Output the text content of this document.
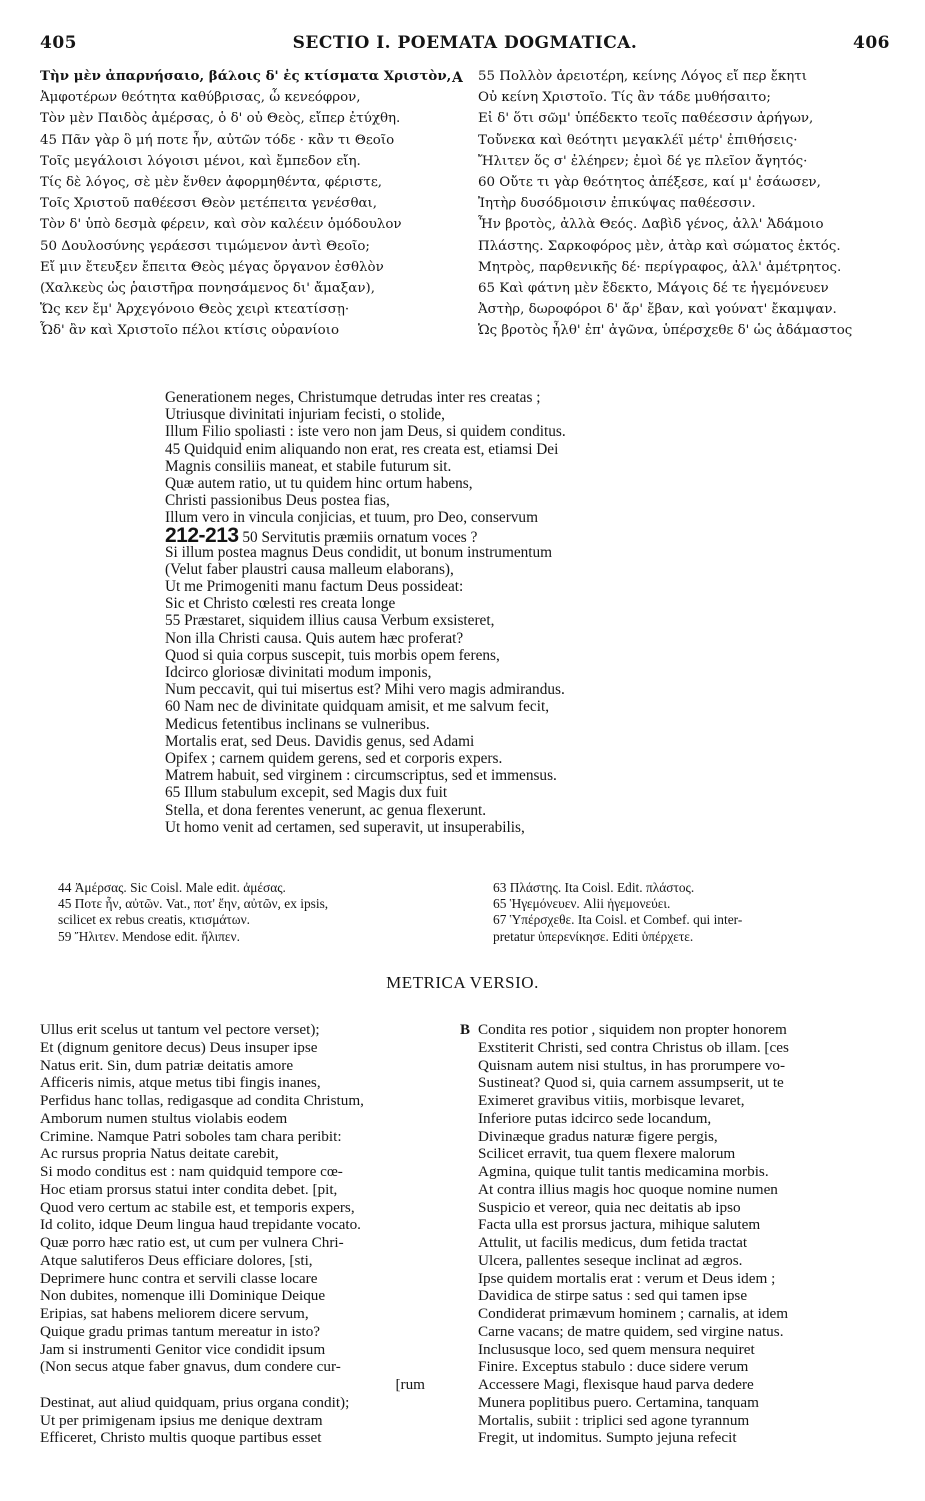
405	SECTIO I. POEMATA DOGMATICA.	406
Τὴν μὲν ἀπαρνήσαιο, βάλοις δ' ἐς κτίσματα Χριστὸν,
Ἀμφοτέρων θεότητα καθύβρισας, ὦ κενεόφρον,
Τὸν μὲν Παιδὸς ἀμέρσας, ὁ δ' οὐ Θεὸς, εἴπερ ἐτύχθη.
45 Πᾶν γὰρ ὃ μή ποτε ἦν, αὐτῶν τόδε · κἂν τι Θεοῖο
Τοῖς μεγάλοισι λόγοισι μένοι, καὶ ἔμπεδον εἴη.
Τίς δὲ λόγος, σὲ μὲν ἔνθεν ἀφορμηθέντα, φέριστε,
Τοῖς Χριστοῦ παθέεσσι Θεὸν μετέπειτα γενέσθαι,
Τὸν δ' ὑπὸ δεσμὰ φέρειν, καὶ σὸν καλέειν ὁμόδουλον
50 Δουλοσύνης γεράεσσι τιμώμενον ἀντὶ Θεοῖο;
Εἴ μιν ἔτευξεν ἔπειτα Θεὸς μέγας ὄργανον ἐσθλὸν
(Χαλκεὺς ὡς ῥαιστῆρα πονησάμενος δι' ἄμαξαν),
Ὥς κεν ἔμ' Ἀρχεγόνοιο Θεὸς χειρὶ κτεατίσσῃ·
Ὧδ' ἂν καὶ Χριστοῖο πέλοι κτίσις οὐρανίοιο
A 55 Πολλὸν ἀρειοτέρη, κείνης Λόγος εἴ περ ἔκητι
Οὐ κείνη Χριστοῖο. Τίς ἂν τάδε μυθήσαιτο;
Εἰ δ' ὅτι σῶμ' ὑπέδεκτο τεοῖς παθέεσσιν ἀρήγων,
Τοὔνεκα καὶ θεότητι μεγακλέϊ μέτρ' ἐπιθήσεις·
Ἤλιτεν ὅς σ' ἐλέηρεν; ἐμοὶ δέ γε πλεῖον ἄγητός·
60 Οὔτε τι γὰρ θεότητος ἀπέξεσε, καί μ' ἐσάωσεν,
Ἰητὴρ δυσόδμοισιν ἐπικύψας παθέεσσιν.
Ἦν βροτὸς, ἀλλὰ Θεός. Δαβὶδ γένος, ἀλλ' Ἀδάμοιο
Πλάστης. Σαρκοφόρος μὲν, ἀτὰρ καὶ σώματος ἐκτός.
Μητρὸς, παρθενικῆς δέ· περίγραφος, ἀλλ' ἀμέτρητος.
65 Καὶ φάτνη μὲν ἔδεκτο, Μάγοις δέ τε ἡγεμόνευεν
Ἀστὴρ, δωροφόροι δ' ἄρ' ἔβαν, καὶ γούνατ' ἔκαμψαν.
Ὡς βροτὸς ἦλθ' ἐπ' ἀγῶνα, ὑπέρσχεθε δ' ὡς ἀδάμαστος
Generationem neges, Christumque detrudas inter res creatas ;
Utriusque divinitati injuriam fecisti, o stolide,
Illum Filio spoliasti : iste vero non jam Deus, si quidem conditus.
45 Quidquid enim aliquando non erat, res creata est, etiamsi Dei
Magnis consiliis maneat, et stabile futurum sit.
Quæ autem ratio, ut tu quidem hinc ortum habens,
Christi passionibus Deus postea fias,
Illum vero in vincula conjicias, et tuum, pro Deo, conservum
212-213 50 Servitutis præmiis ornatum voces ?
Si illum postea magnus Deus condidit, ut bonum instrumentum
(Velut faber plaustri causa malleum elaborans),
Ut me Primogeniti manu factum Deus possideat:
Sic et Christo cœlesti res creata longe
55 Præstaret, siquidem illius causa Verbum exsisteret,
Non illa Christi causa. Quis autem hæc proferat?
Quod si quia corpus suscepit, tuis morbis opem ferens,
Idcirco gloriosæ divinitati modum imponis,
Num peccavit, qui tui misertus est? Mihi vero magis admirandus.
60 Nam nec de divinitate quidquam amisit, et me salvum fecit,
Medicus fetentibus inclinans se vulneribus.
Mortalis erat, sed Deus. Davidis genus, sed Adami
Opifex ; carnem quidem gerens, sed et corporis expers.
Matrem habuit, sed virginem : circumscriptus, sed et immensus.
65 Illum stabulum excepit, sed Magis dux fuit
Stella, et dona ferentes venerunt, ac genua flexerunt.
Ut homo venit ad certamen, sed superavit, ut insuperabilis,
44 Ἀμέρσας. Sic Coisl. Male edit. ἀμέσας.
45 Ποτε ἦν, αὐτῶν. Vat., ποτ' ἔην, αὐτῶν, ex ipsis,
scilicet ex rebus creatis, κτισμάτων.
59 Ἤλιτεν. Mendose edit. ἥλιπεν.
63 Πλάστης. Ita Coisl. Edit. πλάστος.
65 Ἡγεμόνευεν. Alii ἡγεμονεύει.
67 Ὑπέρσχεθε. Ita Coisl. et Combef. qui inter-
pretatur ὑπερενίκησε. Editi ὑπέρχετε.
METRICA VERSIO.
Ullus erit scelus ut tantum vel pectore verset);
Et (dignum genitore decus) Deus insuper ipse
Natus erit. Sin, dum patriæ deitatis amore
Afficeris nimis, atque metus tibi fingis inanes,
Perfidus hanc tollas, redigasque ad condita Christum,
Amborum numen stultus violabis eodem
Crimine. Namque Patri soboles tam chara peribit:
Ac rursus propria Natus deitate carebit,
Si modo conditus est : nam quidquid tempore cœ-
Hoc etiam prorsus statui inter condita debet. [pit,
Quod vero certum ac stabile est, et temporis expers,
Id colito, idque Deum lingua haud trepidante vocato.
Quæ porro hæc ratio est, ut cum per vulnera Chri-
Atque salutiferos Deus efficiare dolores, [sti,
Deprimere hunc contra et servili classe locare
Non dubites, nomenque illi Dominique Deique
Eripias, sat habens meliorem dicere servum,
Quique gradu primas tantum mereatur in isto?
Jam si instrumenti Genitor vice condidit ipsum
(Non secus atque faber gnavus, dum condere cur-
[rum
Destinat, aut aliud quidquam, prius organa condit);
Ut per primigenam ipsius me denique dextram
Efficeret, Christo multis quoque partibus esset
B Condita res potior , siquidem non propter honorem
Exstiterit Christi, sed contra Christus ob illam. [ces
Quisnam autem nisi stultus, in has prorumpere vo-
Sustineat? Quod si, quia carnem assumpserit, ut te
Eximeret gravibus vitiis, morbisque levaret,
Inferiore putas idcirco sede locandum,
Divinæque gradus naturæ figere pergis,
Scilicet erravit, tua quem flexere malorum
Agmina, quique tulit tantis medicamina morbis.
At contra illius magis hoc quoque nomine numen
Suspicio et vereor, quia nec deitatis ab ipso
Facta ulla est prorsus jactura, mihique salutem
Attulit, ut facilis medicus, dum fetida tractat
Ulcera, pallentes seseque inclinat ad ægros.
Ipse quidem mortalis erat : verum et Deus idem ;
Davidica de stirpe satus : sed qui tamen ipse
Condiderat primævum hominem ; carnalis, at idem
Carne vacans; de matre quidem, sed virgine natus.
Inclususque loco, sed quem mensura nequiret
Finire. Exceptus stabulo : duce sidere verum
Accessere Magi, flexisque haud parva dedere
Munera poplitibus puero. Certamina, tanquam
Mortalis, subiit : triplici sed agone tyrannum
Fregit, ut indomitus. Sumpto jejuna refecit
